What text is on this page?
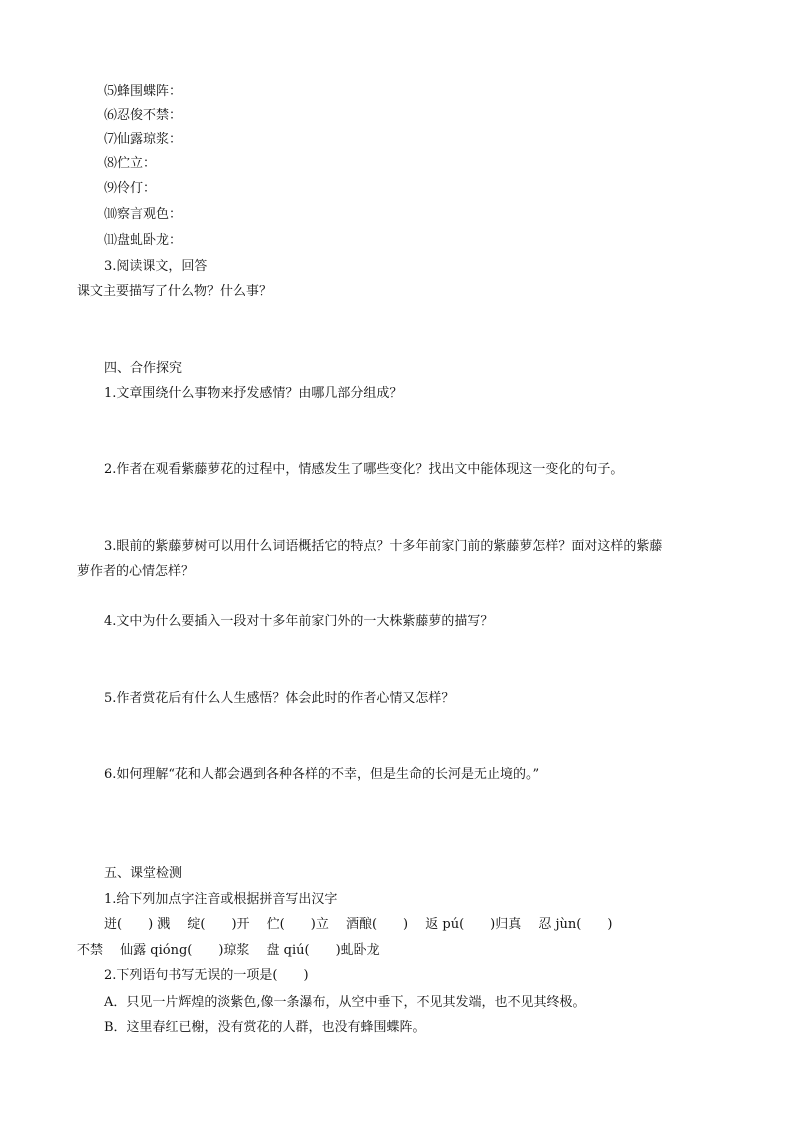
⑸蜂围蝶阵：
⑹忍俊不禁：
⑺仙露琼浆：
⑻伫立：
⑼伶仃：
⑽察言观色：
⑾盘虬卧龙：
3.阅读课文，回答
课文主要描写了什么物？什么事？
四、合作探究
1.文章围绕什么事物来抒发感情？由哪几部分组成？
2.作者在观看紫藤萝花的过程中，情感发生了哪些变化？找出文中能体现这一变化的句子。
3.眼前的紫藤萝树可以用什么词语概括它的特点？十多年前家门前的紫藤萝怎样？面对这样的紫藤
萝作者的心情怎样？
4.文中为什么要插入一段对十多年前家门外的一大株紫藤萝的描写？
5.作者赏花后有什么人生感悟？体会此时的作者心情又怎样？
6.如何理解“花和人都会遇到各种各样的不幸，但是生命的长河是无止境的。”
五、课堂检测
1.给下列加点字注音或根据拼音写出汉字
迸(　　) 溅　 绽(　　)开　 伫(　　)立　 酒酿(　　)　 返 pú(　　)归真　 忍 jùn(　　)
不禁　 仙露 qióng(　　)琼浆　 盘 qiú(　　)虬卧龙
2.下列语句书写无误的一项是(　　)
A．只见一片辉煌的淡紫色,像一条瀑布，从空中垂下，不见其发端，也不见其终极。
B．这里春红已榭，没有赏花的人群，也没有蜂围蝶阵。
